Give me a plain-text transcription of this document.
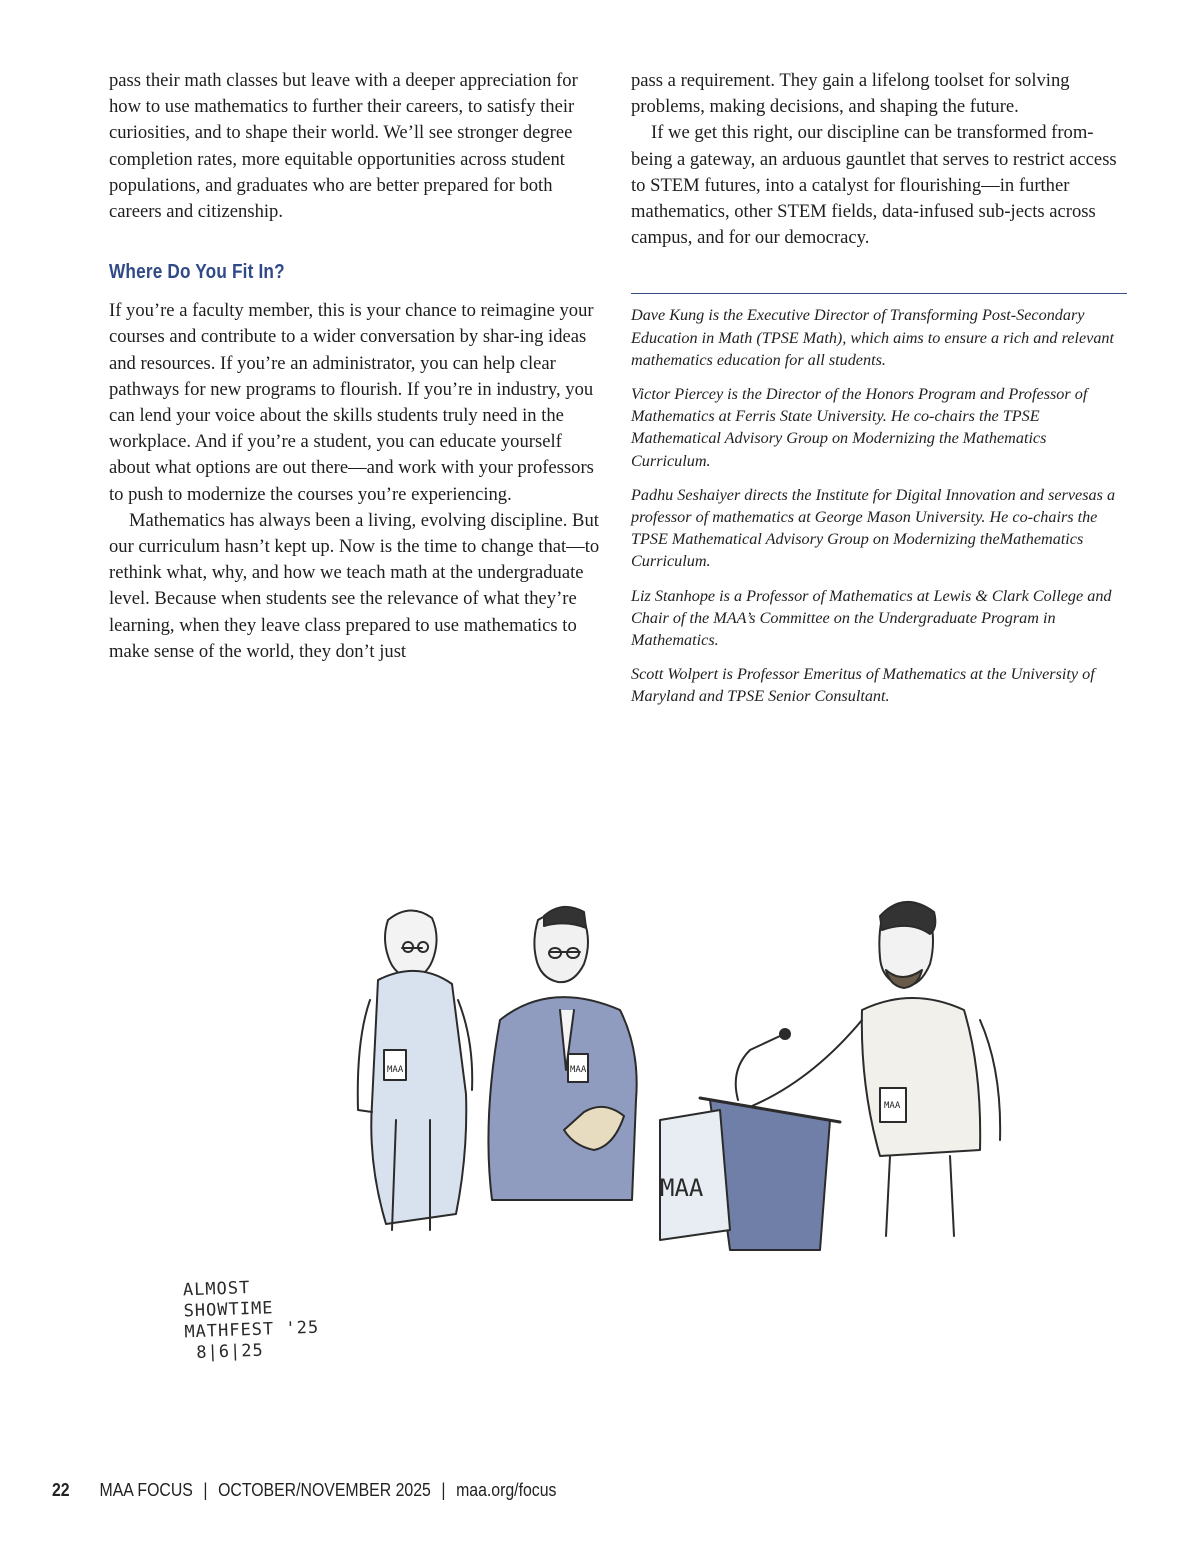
pass their math classes but leave with a deeper appreciation for how to use mathematics to further their careers, to satisfy their curiosities, and to shape their world. We’ll see stronger degree completion rates, more equitable opportunities across student populations, and graduates who are better prepared for both careers and citizenship.

Where Do You Fit In?

If you’re a faculty member, this is your chance to reimagine your courses and contribute to a wider conversation by shar-ing ideas and resources. If you’re an administrator, you can help clear pathways for new programs to flourish. If you’re in industry, you can lend your voice about the skills students truly need in the workplace. And if you’re a student, you can educate yourself about what options are out there—and work with your professors to push to modernize the courses you’re experiencing.

Mathematics has always been a living, evolving discipline. But our curriculum hasn’t kept up. Now is the time to change that—to rethink what, why, and how we teach math at the undergraduate level. Because when students see the relevance of what they’re learning, when they leave class prepared to use mathematics to make sense of the world, they don’t just

pass a requirement. They gain a lifelong toolset for solving problems, making decisions, and shaping the future.

If we get this right, our discipline can be transformed from-being a gateway, an arduous gauntlet that serves to restrict access to STEM futures, into a catalyst for flourishing—in further mathematics, other STEM fields, data-infused sub-jects across campus, and for our democracy.

Dave Kung is the Executive Director of Transforming Post-Secondary Education in Math (TPSE Math), which aims to ensure a rich and relevant mathematics education for all students.

Victor Piercey is the Director of the Honors Program and Professor of Mathematics at Ferris State University. He co-chairs the TPSE Mathematical Advisory Group on Modernizing the Mathematics Curriculum.

Padhu Seshaiyer directs the Institute for Digital Innovation and servesas a professor of mathematics at George Mason University. He co-chairs the TPSE Mathematical Advisory Group on Modernizing theMathematics Curriculum.

Liz Stanhope is a Professor of Mathematics at Lewis & Clark College and Chair of the MAA’s Committee on the Undergraduate Program in Mathematics.

Scott Wolpert is Professor Emeritus of Mathematics at the University of Maryland and TPSE Senior Consultant.

MAA	MAA
MAA
MAA
ALMOST
SHOWTIME
MATHFEST '25
8|6|25
22 MAA FOCUS | OCTOBER/NOVEMBER 2025 | maa.org/focus
